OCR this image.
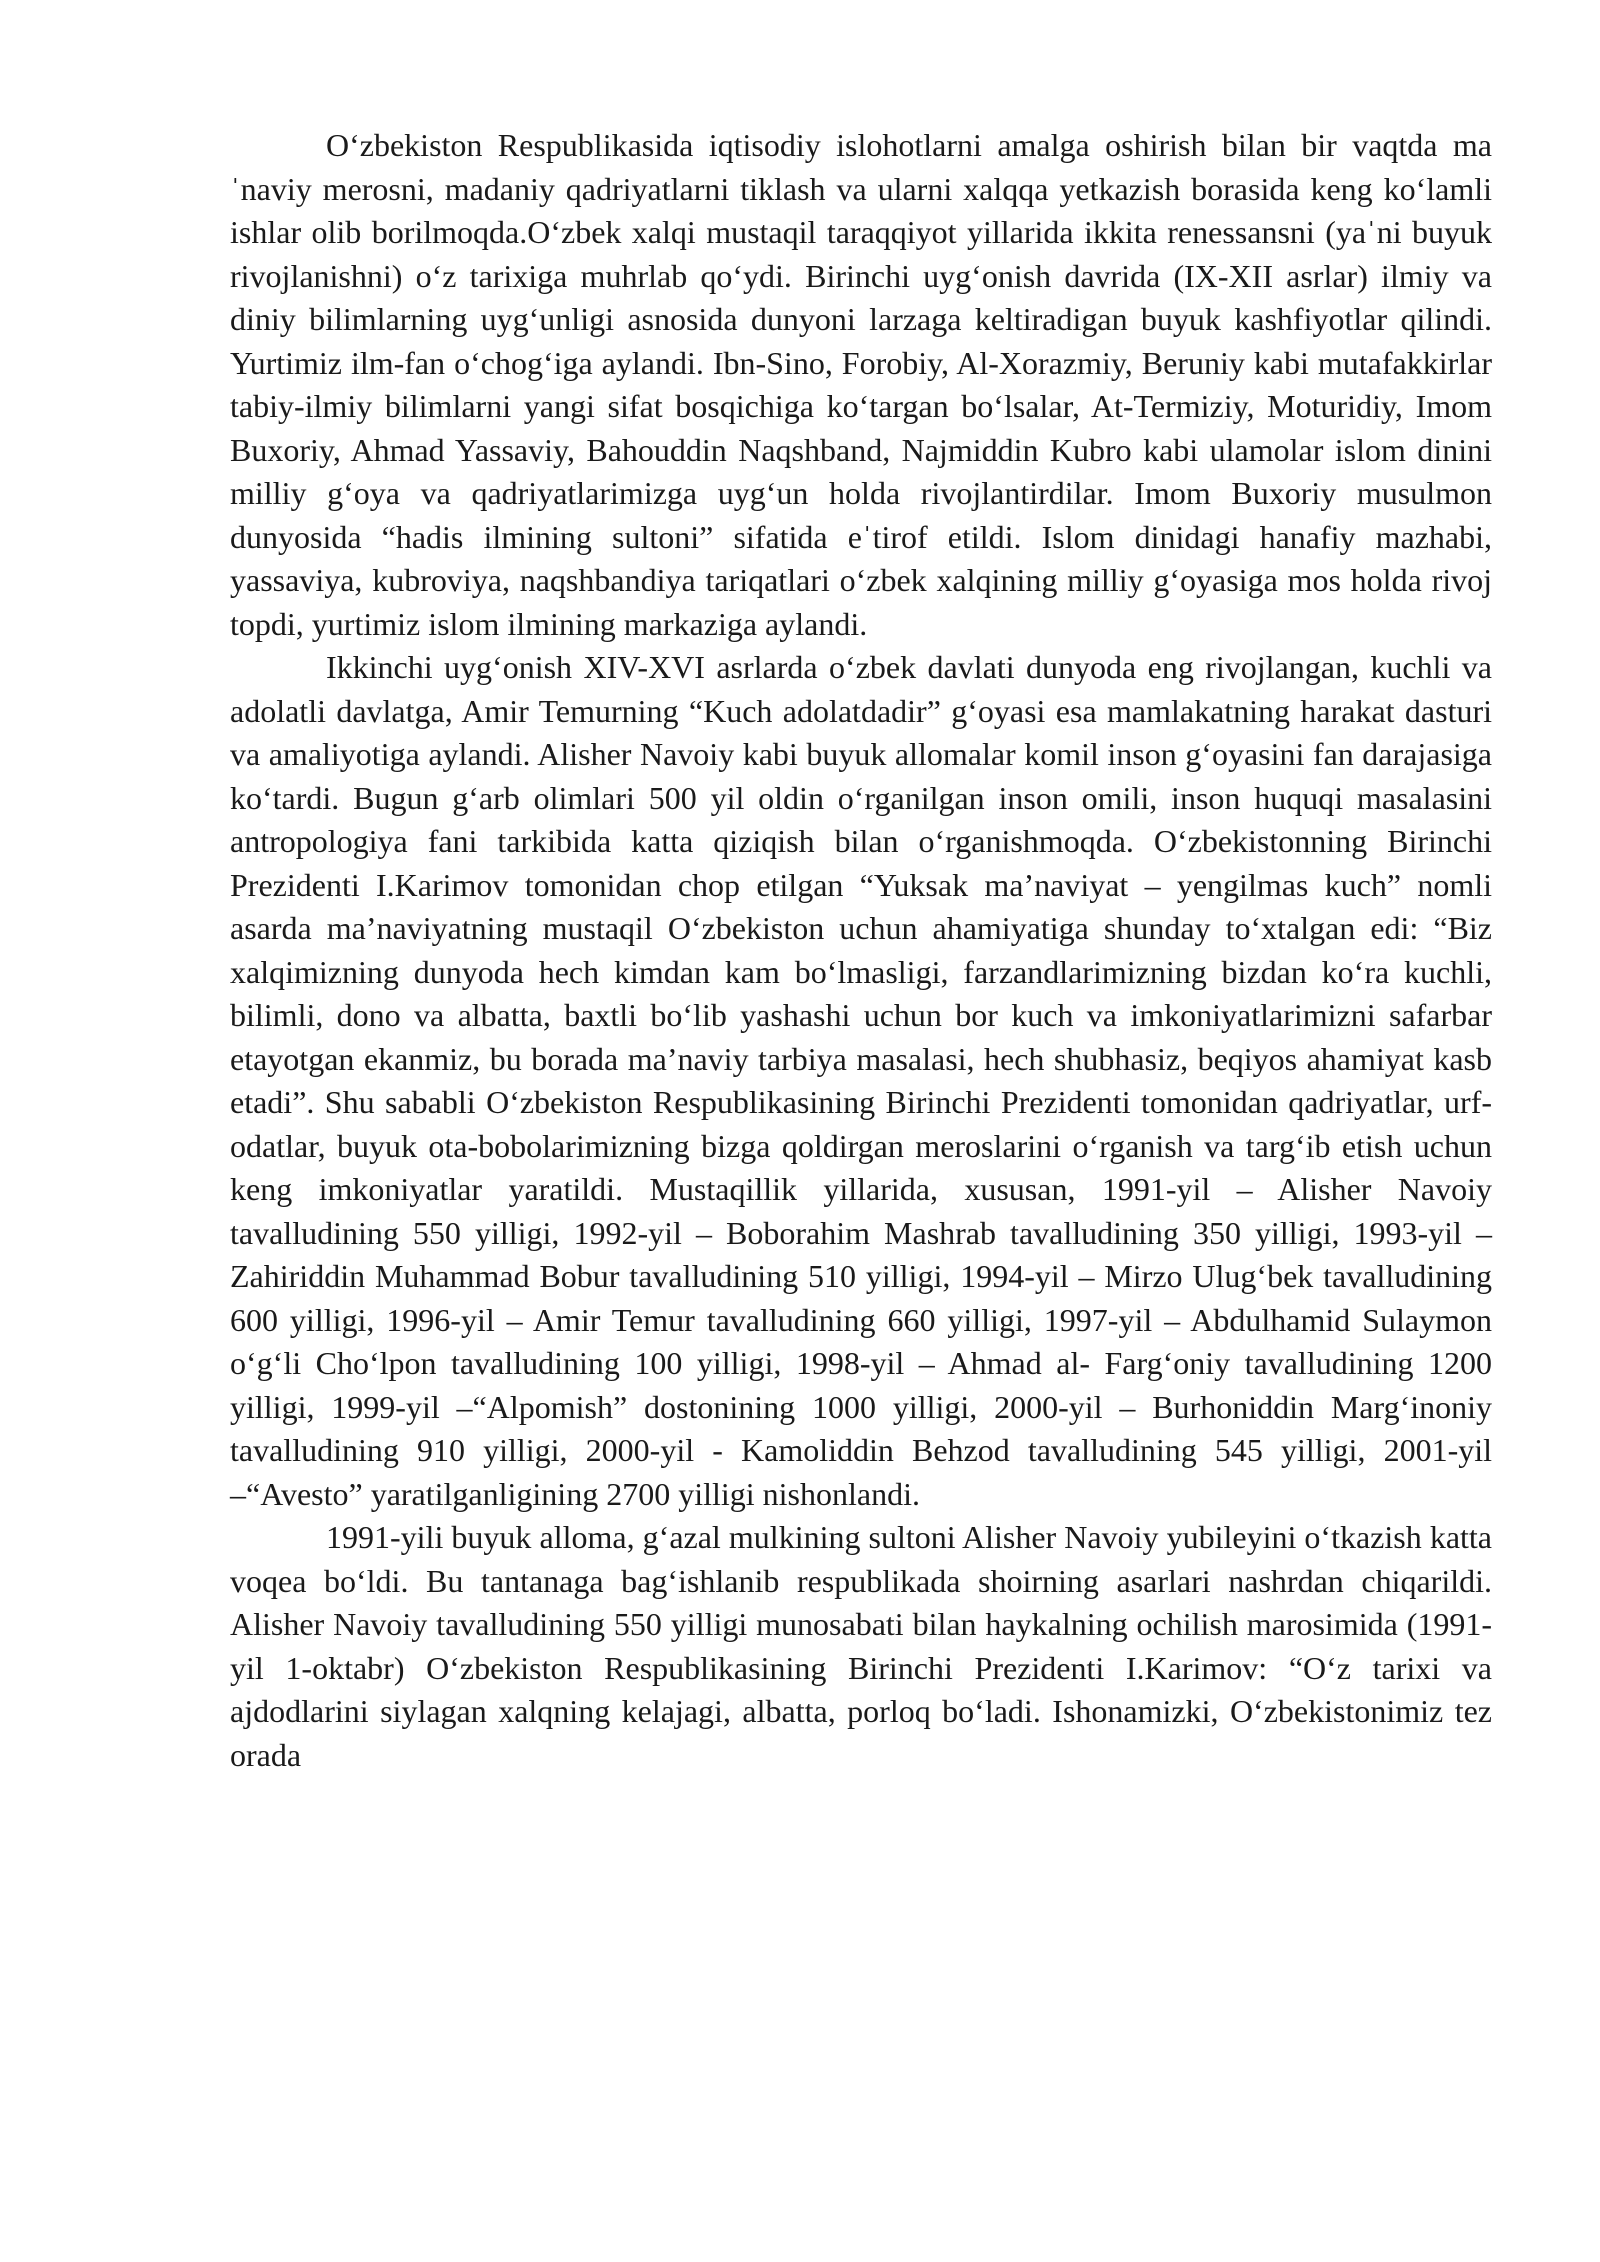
O‘zbekiston Respublikasida iqtisodiy islohotlarni amalga oshirish bilan bir vaqtda maˈnaviy merosni, madaniy qadriyatlarni tiklash va ularni xalqqa yetkazish borasida keng ko‘lamli ishlar olib borilmoqda.O‘zbek xalqi mustaqil taraqqiyot yillarida ikkita renessansni (yaˈni buyuk rivojlanishni) o‘z tarixiga muhrlab qo‘ydi. Birinchi uyg‘onish davrida (IX-XII asrlar) ilmiy va diniy bilimlarning uyg‘unligi asnosida dunyoni larzaga keltiradigan buyuk kashfiyotlar qilindi. Yurtimiz ilm-fan o‘chog‘iga aylandi. Ibn-Sino, Forobiy, Al-Xorazmiy, Beruniy kabi mutafakkirlar tabiy-ilmiy bilimlarni yangi sifat bosqichiga ko‘targan bo‘lsalar, At-Termiziy, Moturidiy, Imom Buxoriy, Ahmad Yassaviy, Bahouddin Naqshband, Najmiddin Kubro kabi ulamolar islom dinini milliy g‘oya va qadriyatlarimizga uyg‘un holda rivojlantirdilar. Imom Buxoriy musulmon dunyosida “hadis ilmining sultoni” sifatida eˈtirof etildi. Islom dinidagi hanafiy mazhabi, yassaviya, kubroviya, naqshbandiya tariqatlari o‘zbek xalqining milliy g‘oyasiga mos holda rivoj topdi, yurtimiz islom ilmining markaziga aylandi.

Ikkinchi uyg‘onish XIV-XVI asrlarda o‘zbek davlati dunyoda eng rivojlangan, kuchli va adolatli davlatga, Amir Temurning “Kuch adolatdadir” g‘oyasi esa mamlakatning harakat dasturi va amaliyotiga aylandi. Alisher Navoiy kabi buyuk allomalar komil inson g‘oyasini fan darajasiga ko‘tardi. Bugun g‘arb olimlari 500 yil oldin o‘rganilgan inson omili, inson huquqi masalasini antropologiya fani tarkibida katta qiziqish bilan o‘rganishmoqda. O‘zbekistonning Birinchi Prezidenti I.Karimov tomonidan chop etilgan “Yuksak ma’naviyat – yengilmas kuch” nomli asarda ma’naviyatning mustaqil O‘zbekiston uchun ahamiyatiga shunday to‘xtalgan edi: “Biz xalqimizning dunyoda hech kimdan kam bo‘lmasligi, farzandlarimizning bizdan ko‘ra kuchli, bilimli, dono va albatta, baxtli bo‘lib yashashi uchun bor kuch va imkoniyatlarimizni safarbar etayotgan ekanmiz, bu borada ma’naviy tarbiya masalasi, hech shubhasiz, beqiyos ahamiyat kasb etadi”. Shu sababli O‘zbekiston Respublikasining Birinchi Prezidenti tomonidan qadriyatlar, urf-odatlar, buyuk ota-bobolarimizning bizga qoldirgan meroslarini o‘rganish va targ‘ib etish uchun keng imkoniyatlar yaratildi. Mustaqillik yillarida, xususan, 1991-yil – Alisher Navoiy tavalludining 550 yilligi, 1992-yil – Boborahim Mashrab tavalludining 350 yilligi, 1993-yil – Zahiriddin Muhammad Bobur tavalludining 510 yilligi, 1994-yil – Mirzo Ulug‘bek tavalludining 600 yilligi, 1996-yil – Amir Temur tavalludining 660 yilligi, 1997-yil – Abdulhamid Sulaymon o‘g‘li Cho‘lpon tavalludining 100 yilligi, 1998-yil – Ahmad al- Farg‘oniy tavalludining 1200 yilligi, 1999-yil –“Alpomish” dostonining 1000 yilligi, 2000-yil – Burhoniddin Marg‘inoniy tavalludining 910 yilligi, 2000-yil - Kamoliddin Behzod tavalludining 545 yilligi, 2001-yil –“Avesto” yaratilganligining 2700 yilligi nishonlandi.

1991-yili buyuk alloma, g‘azal mulkining sultoni Alisher Navoiy yubileyini o‘tkazish katta voqea bo‘ldi. Bu tantanaga bag‘ishlanib respublikada shoirning asarlari nashrdan chiqarildi. Alisher Navoiy tavalludining 550 yilligi munosabati bilan haykalning ochilish marosimida (1991-yil 1-oktabr) O‘zbekiston Respublikasining Birinchi Prezidenti I.Karimov: “O‘z tarixi va ajdodlarini siylagan xalqning kelajagi, albatta, porloq bo‘ladi. Ishonamizki, O‘zbekistonimiz tez orada
